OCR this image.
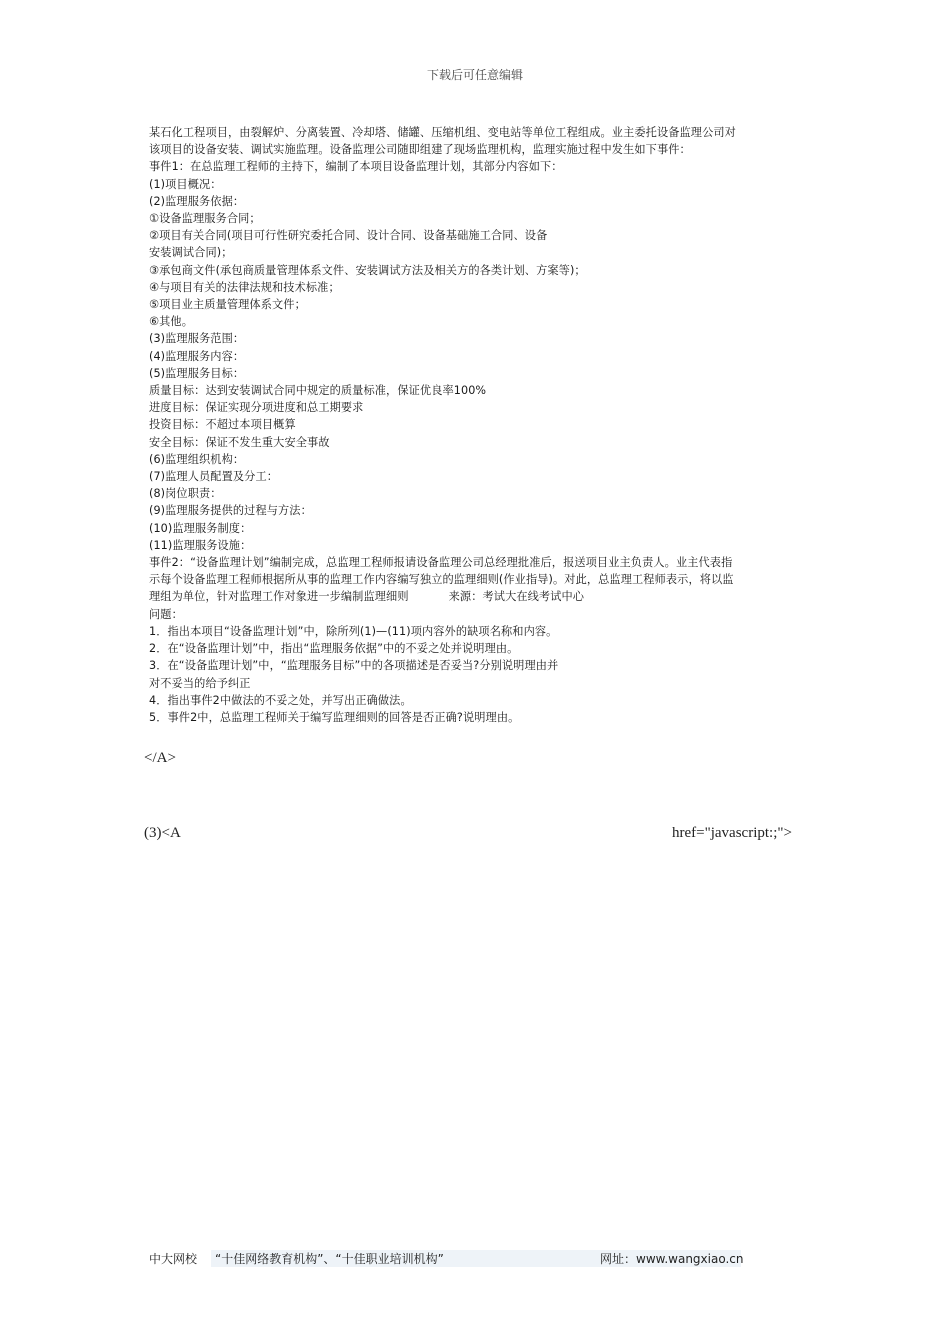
下载后可任意编辑
某石化工程项目，由裂解炉、分离装置、冷却塔、储罐、压缩机组、变电站等单位工程组成。业主委托设备监理公司对
该项目的设备安装、调试实施监理。设备监理公司随即组建了现场监理机构，监理实施过程中发生如下事件：
事件1：在总监理工程师的主持下，编制了本项目设备监理计划，其部分内容如下：
(1)项目概况：
(2)监理服务依据：
①设备监理服务合同；
②项目有关合同(项目可行性研究委托合同、设计合同、设备基础施工合同、设备
安装调试合同)；
③承包商文件(承包商质量管理体系文件、安装调试方法及相关方的各类计划、方案等)；
④与项目有关的法律法规和技术标准；
⑤项目业主质量管理体系文件；
⑥其他。
(3)监理服务范围：
(4)监理服务内容：
(5)监理服务目标：
质量目标：达到安装调试合同中规定的质量标准，保证优良率100%
进度目标：保证实现分项进度和总工期要求
投资目标：不超过本项目概算
安全目标：保证不发生重大安全事故
(6)监理组织机构：
(7)监理人员配置及分工：
(8)岗位职责：
(9)监理服务提供的过程与方法：
(10)监理服务制度：
(11)监理服务设施：
事件2：“设备监理计划”编制完成，总监理工程师报请设备监理公司总经理批准后，报送项目业主负责人。业主代表指
示每个设备监理工程师根据所从事的监理工作内容编写独立的监理细则(作业指导)。对此，总监理工程师表示，将以监
理组为单位，针对监理工作对象进一步编制监理细则	来源：考试大在线考试中心
问题：
1．指出本项目“设备监理计划”中，除所列(1)—(11)项内容外的缺项名称和内容。
2．在“设备监理计划”中，指出“监理服务依据”中的不妥之处并说明理由。
3．在“设备监理计划”中，“监理服务目标”中的各项描述是否妥当?分别说明理由并
对不妥当的给予纠正
4．指出事件2中做法的不妥之处，并写出正确做法。
5．事件2中，总监理工程师关于编写监理细则的回答是否正确?说明理由。
</A>
(3)<A	href="javascript:;">
中大网校	“十佳网络教育机构”、“十佳职业培训机构”	网址：www.wangxiao.cn
